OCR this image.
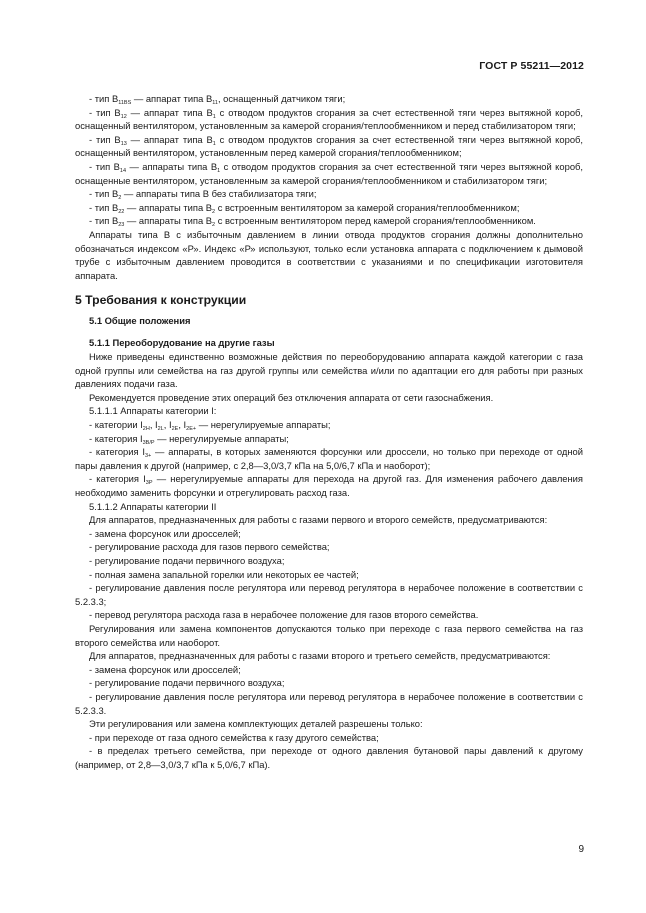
ГОСТ Р 55211—2012

- тип $В_{11BS}$ — аппарат типа $В_{11}$, оснащенный датчиком тяги;

- тип $В_{12}$ — аппарат типа $В_1$ с отводом продуктов сгорания за счет естественной тяги через вытяжной короб, оснащенный вентилятором, установленным за камерой сгорания/теплообменником и перед стабилизатором тяги;

- тип $В_{13}$ — аппарат типа $В_1$ с отводом продуктов сгорания за счет естественной тяги через вытяжной короб, оснащенный вентилятором, установленным перед камерой сгорания/теплообменником;

- тип $В_{14}$ — аппараты типа $В_1$ с отводом продуктов сгорания за счет естественной тяги через вытяжной короб, оснащенные вентилятором, установленным за камерой сгорания/теплообменником и стабилизатором тяги;

- тип $В_2$ — аппараты типа В без стабилизатора тяги;

- тип $В_{22}$ — аппараты типа $В_2$ с встроенным вентилятором за камерой сгорания/теплообменником;

- тип $В_{23}$ — аппараты типа $В_2$ с встроенным вентилятором перед камерой сгорания/теплообменником.

Аппараты типа В с избыточным давлением в линии отвода продуктов сгорания должны дополнительно обозначаться индексом «Р». Индекс «Р» используют, только если установка аппарата с подключением к дымовой трубе с избыточным давлением проводится в соответствии с указаниями и по спецификации изготовителя аппарата.

5 Требования к конструкции

5.1 Общие положения

5.1.1 Переоборудование на другие газы

Ниже приведены единственно возможные действия по переоборудованию аппарата каждой категории с газа одной группы или семейства на газ другой группы или семейства и/или по адаптации его для работы при разных давлениях подачи газа.

Рекомендуется проведение этих операций без отключения аппарата от сети газоснабжения.

5.1.1.1 Аппараты категории I:

- категории $I_{2H}$, $I_{2L}$, $I_{2E}$, $I_{2E+}$ — нерегулируемые аппараты;

- категория $I_{3B/P}$ — нерегулируемые аппараты;

- категория $I_{3+}$ — аппараты, в которых заменяются форсунки или дроссели, но только при переходе от одной пары давления к другой (например, с 2,8—3,0/3,7 кПа на 5,0/6,7 кПа и наоборот);

- категория $I_{3P}$ — нерегулируемые аппараты для перехода на другой газ. Для изменения рабочего давления необходимо заменить форсунки и отрегулировать расход газа.

5.1.1.2 Аппараты категории II

Для аппаратов, предназначенных для работы с газами первого и второго семейств, предусматриваются:

- замена форсунок или дросселей;

- регулирование расхода для газов первого семейства;

- регулирование подачи первичного воздуха;

- полная замена запальной горелки или некоторых ее частей;

- регулирование давления после регулятора или перевод регулятора в нерабочее положение в соответствии с 5.2.3.3;

- перевод регулятора расхода газа в нерабочее положение для газов второго семейства.

Регулирования или замена компонентов допускаются только при переходе с газа первого семейства на газ второго семейства или наоборот.

Для аппаратов, предназначенных для работы с газами второго и третьего семейств, предусматриваются:

- замена форсунок или дросселей;

- регулирование подачи первичного воздуха;

- регулирование давления после регулятора или перевод регулятора в нерабочее положение в соответствии с 5.2.3.3.

Эти регулирования или замена комплектующих деталей разрешены только:

- при переходе от газа одного семейства к газу другого семейства;

- в пределах третьего семейства, при переходе от одного давления бутановой пары давлений к другому (например, от 2,8—3,0/3,7 кПа к 5,0/6,7 кПа).

9
